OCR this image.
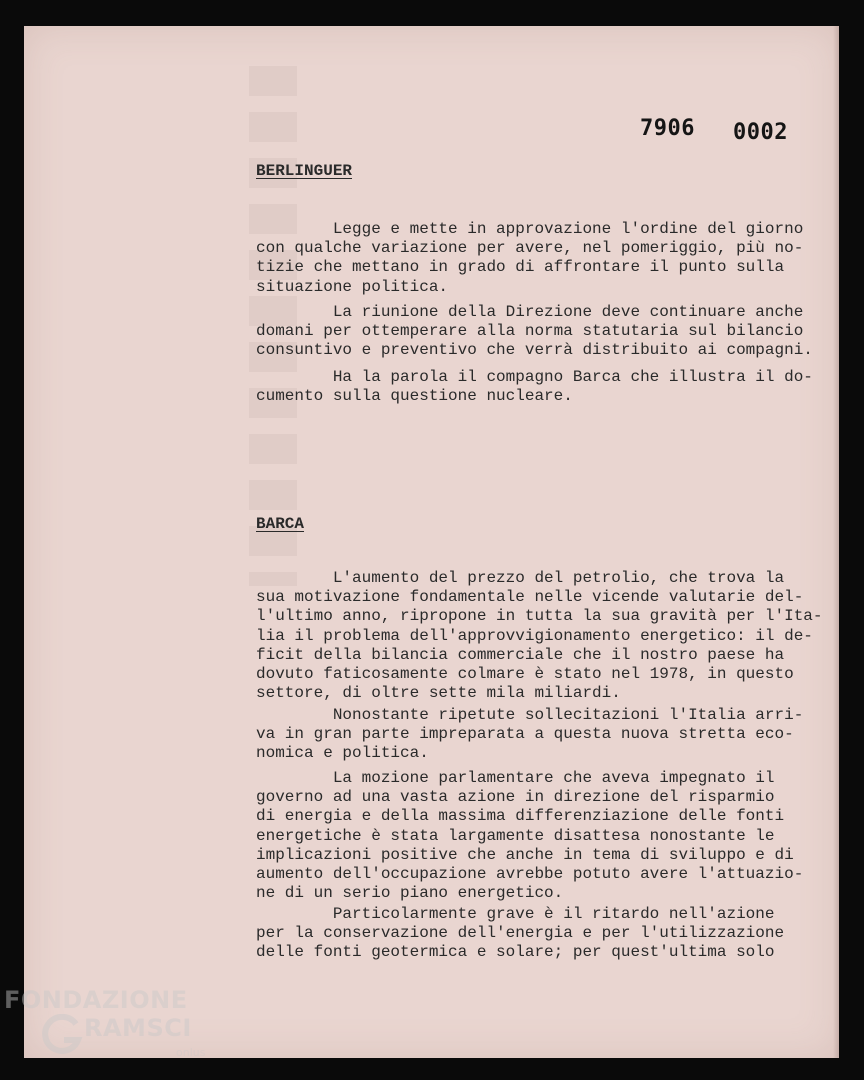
7906 0002
BERLINGUER

Legge e mette in approvazione l'ordine del giorno
con qualche variazione per avere, nel pomeriggio, più no-
tizie che mettano in grado di affrontare il punto sulla
situazione politica.

La riunione della Direzione deve continuare anche
domani per ottemperare alla norma statutaria sul bilancio
consuntivo e preventivo che verrà distribuito ai compagni.

Ha la parola il compagno Barca che illustra il do-
cumento sulla questione nucleare.

BARCA

L'aumento del prezzo del petrolio, che trova la
sua motivazione fondamentale nelle vicende valutarie del-
l'ultimo anno, ripropone in tutta la sua gravità per l'Ita-
lia il problema dell'approvvigionamento energetico: il de-
ficit della bilancia commerciale che il nostro paese ha
dovuto faticosamente colmare è stato nel 1978, in questo
settore, di oltre sette mila miliardi.

Nonostante ripetute sollecitazioni l'Italia arri-
va in gran parte impreparata a questa nuova stretta eco-
nomica e politica.

La mozione parlamentare che aveva impegnato il
governo ad una vasta azione in direzione del risparmio
di energia e della massima differenziazione delle fonti
energetiche è stata largamente disattesa nonostante le
implicazioni positive che anche in tema di sviluppo e di
aumento dell'occupazione avrebbe potuto avere l'attuazio-
ne di un serio piano energetico.

Particolarmente grave è il ritardo nell'azione
per la conservazione dell'energia e per l'utilizzazione
delle fonti geotermica e solare; per quest'ultima solo

FONDAZIONE
RAMSCI
onlus
